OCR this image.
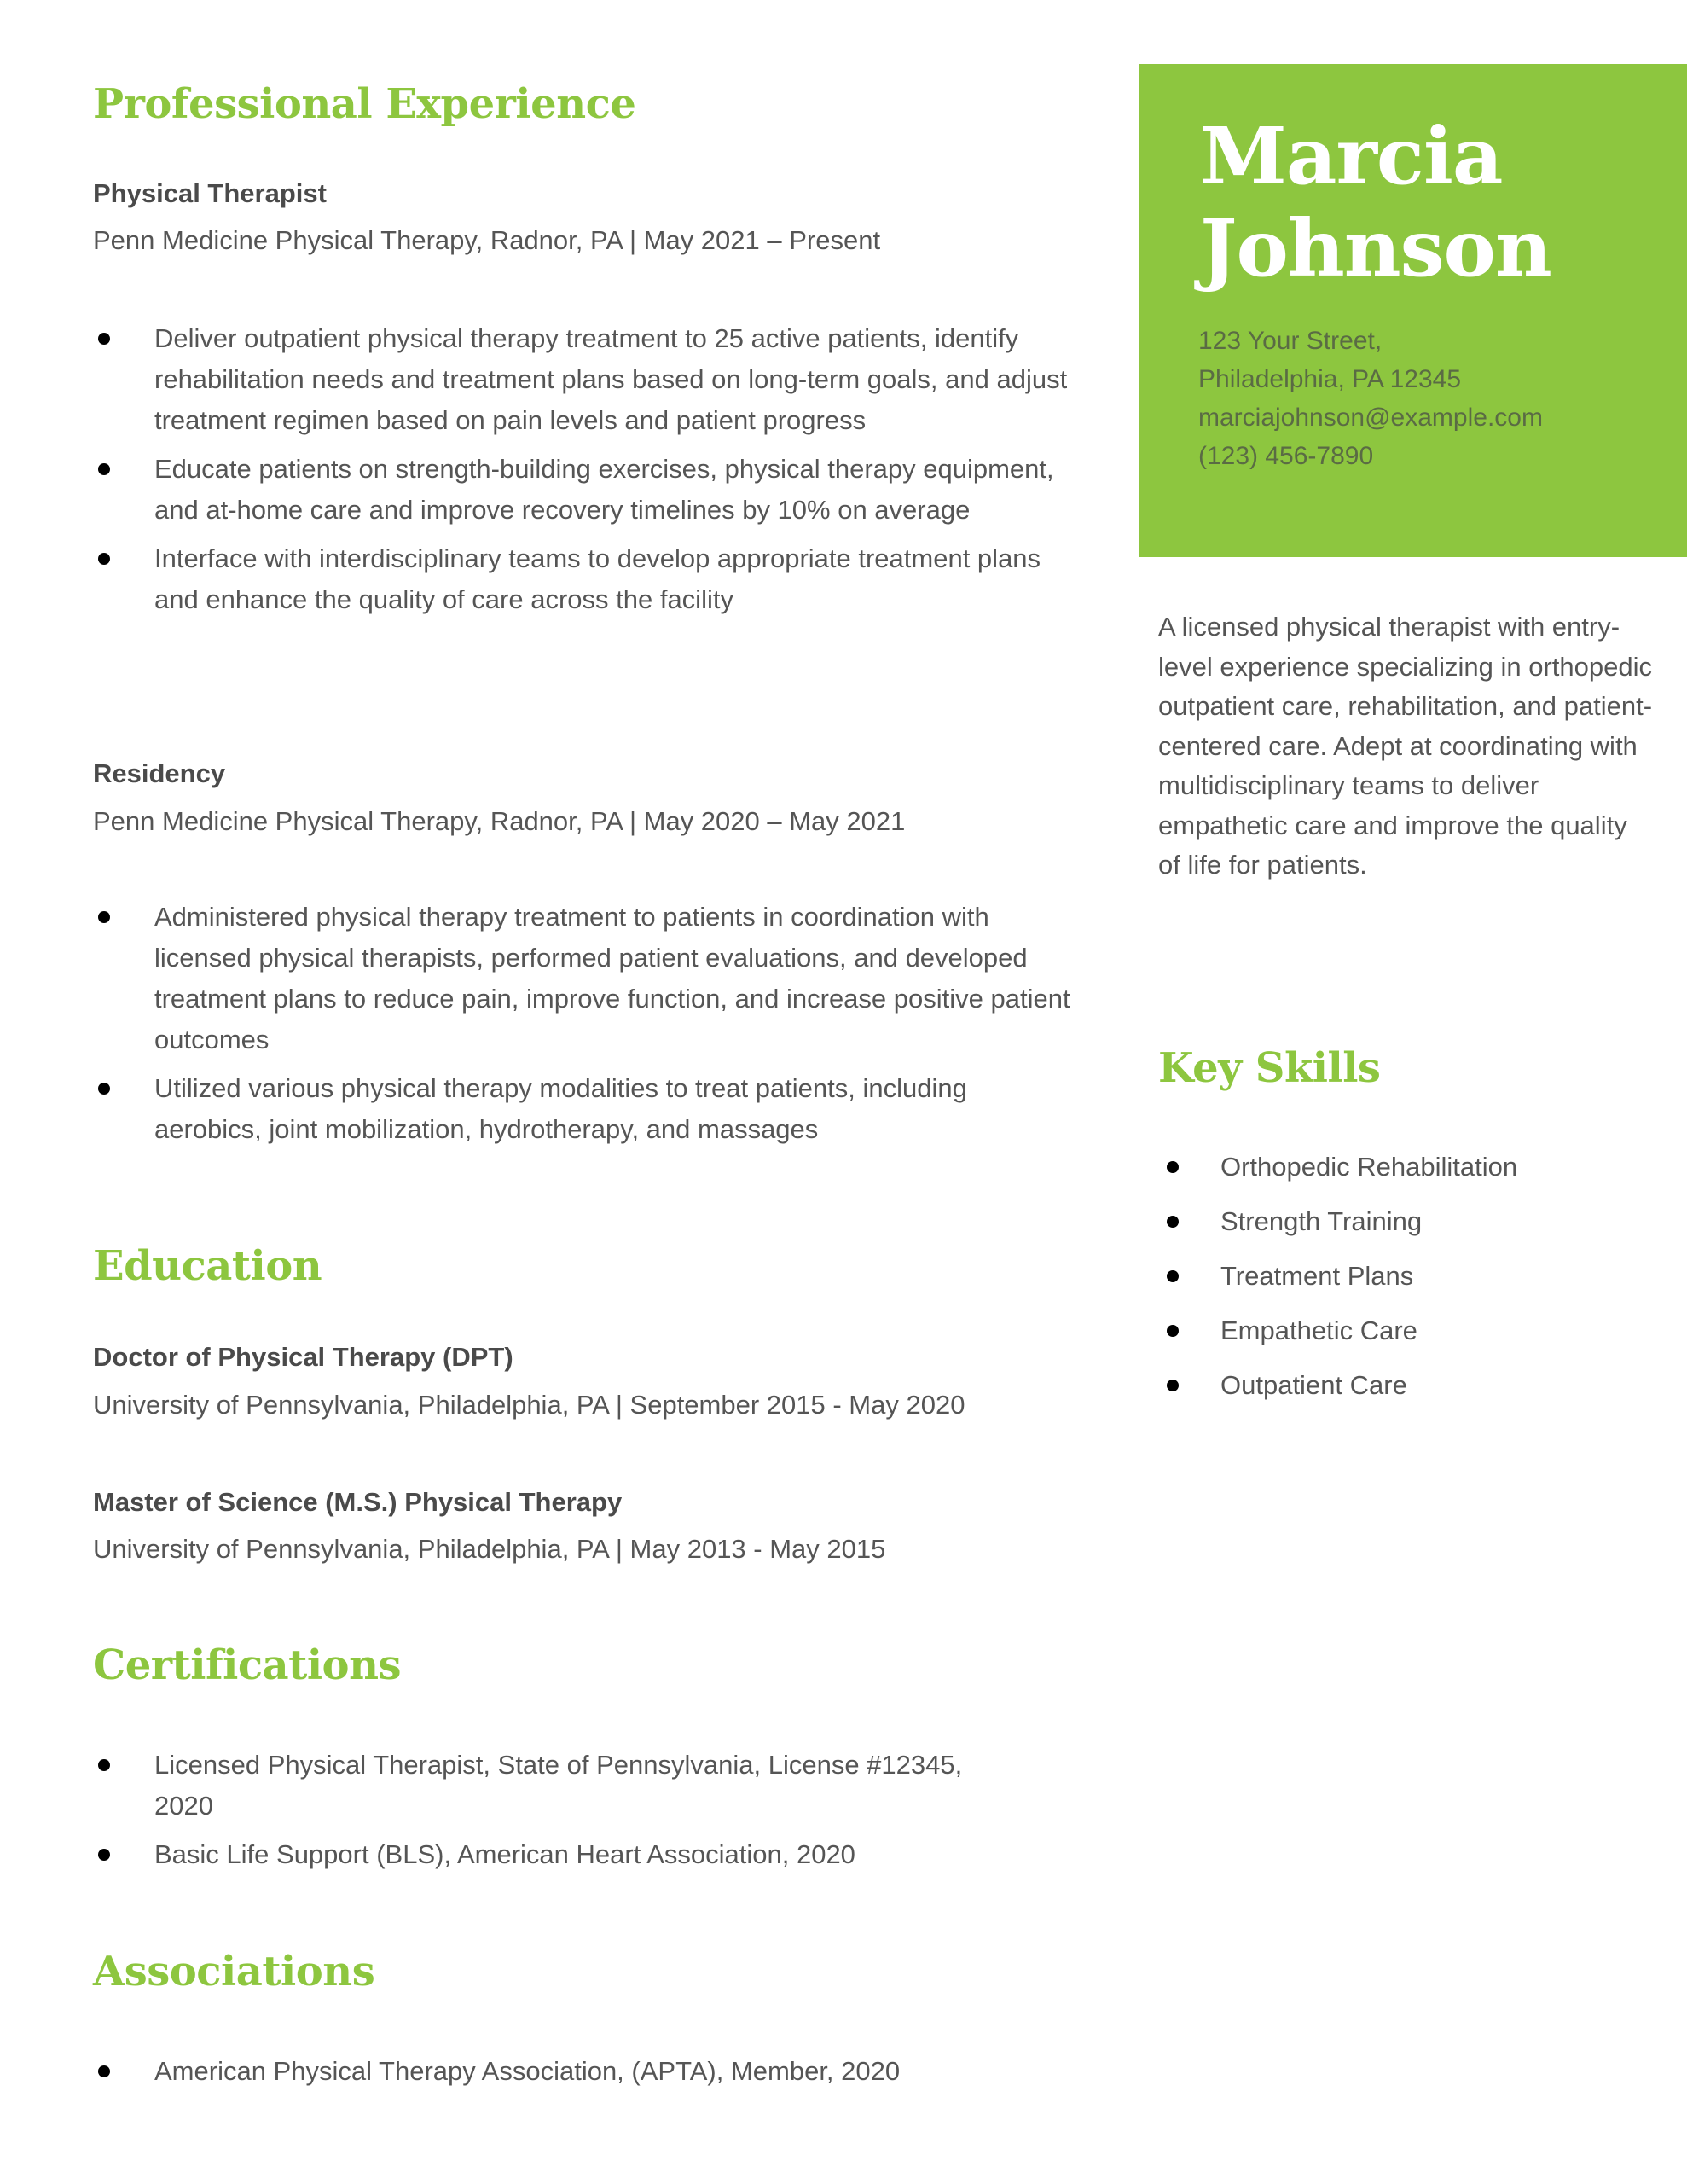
Marcia
Johnson
123 Your Street,
Philadelphia, PA 12345
marciajohnson@example.com
(123) 456-7890
A licensed physical therapist with entry-level experience specializing in orthopedic outpatient care, rehabilitation, and patient-centered care. Adept at coordinating with multidisciplinary teams to deliver empathetic care and improve the quality of life for patients.
Key Skills
Orthopedic Rehabilitation
Strength Training
Treatment Plans
Empathetic Care
Outpatient Care
Professional Experience
Physical Therapist
Penn Medicine Physical Therapy, Radnor, PA | May 2021 – Present
Deliver outpatient physical therapy treatment to 25 active patients, identify rehabilitation needs and treatment plans based on long-term goals, and adjust treatment regimen based on pain levels and patient progress
Educate patients on strength-building exercises, physical therapy equipment, and at-home care and improve recovery timelines by 10% on average
Interface with interdisciplinary teams to develop appropriate treatment plans and enhance the quality of care across the facility
Residency
Penn Medicine Physical Therapy, Radnor, PA | May 2020 – May 2021
Administered physical therapy treatment to patients in coordination with licensed physical therapists, performed patient evaluations, and developed treatment plans to reduce pain, improve function, and increase positive patient outcomes
Utilized various physical therapy modalities to treat patients, including aerobics, joint mobilization, hydrotherapy, and massages
Education
Doctor of Physical Therapy (DPT)
University of Pennsylvania, Philadelphia, PA | September 2015 - May 2020
Master of Science (M.S.) Physical Therapy
University of Pennsylvania, Philadelphia, PA | May 2013 - May 2015
Certifications
Licensed Physical Therapist, State of Pennsylvania, License #12345, 2020
Basic Life Support (BLS), American Heart Association, 2020
Associations
American Physical Therapy Association, (APTA), Member, 2020
